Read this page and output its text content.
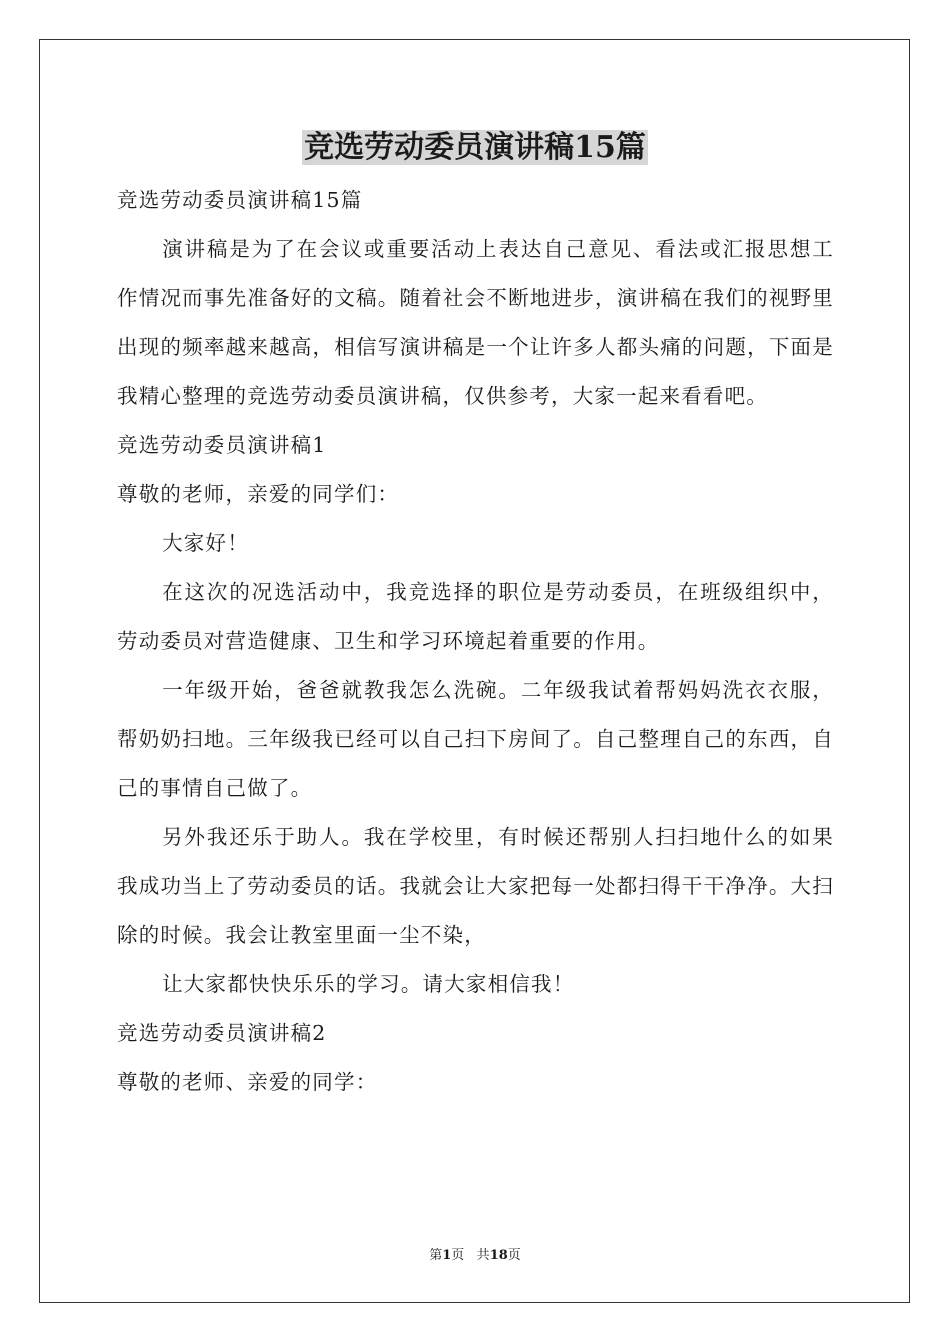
竞选劳动委员演讲稿15篇

竞选劳动委员演讲稿15篇

演讲稿是为了在会议或重要活动上表达自己意见、看法或汇报思想工作情况而事先准备好的文稿。随着社会不断地进步，演讲稿在我们的视野里出现的频率越来越高，相信写演讲稿是一个让许多人都头痛的问题，下面是我精心整理的竞选劳动委员演讲稿，仅供参考，大家一起来看看吧。

竞选劳动委员演讲稿1

尊敬的老师，亲爱的同学们：

大家好！

在这次的况选活动中，我竞选择的职位是劳动委员，在班级组织中，劳动委员对营造健康、卫生和学习环境起着重要的作用。

一年级开始，爸爸就教我怎么洗碗。二年级我试着帮妈妈洗衣衣服，帮奶奶扫地。三年级我已经可以自己扫下房间了。自己整理自己的东西，自己的事情自己做了。

另外我还乐于助人。我在学校里，有时候还帮别人扫扫地什么的如果我成功当上了劳动委员的话。我就会让大家把每一处都扫得干干净净。大扫除的时候。我会让教室里面一尘不染，

让大家都快快乐乐的学习。请大家相信我！

竞选劳动委员演讲稿2

尊敬的老师、亲爱的同学：

第1页 共18页
